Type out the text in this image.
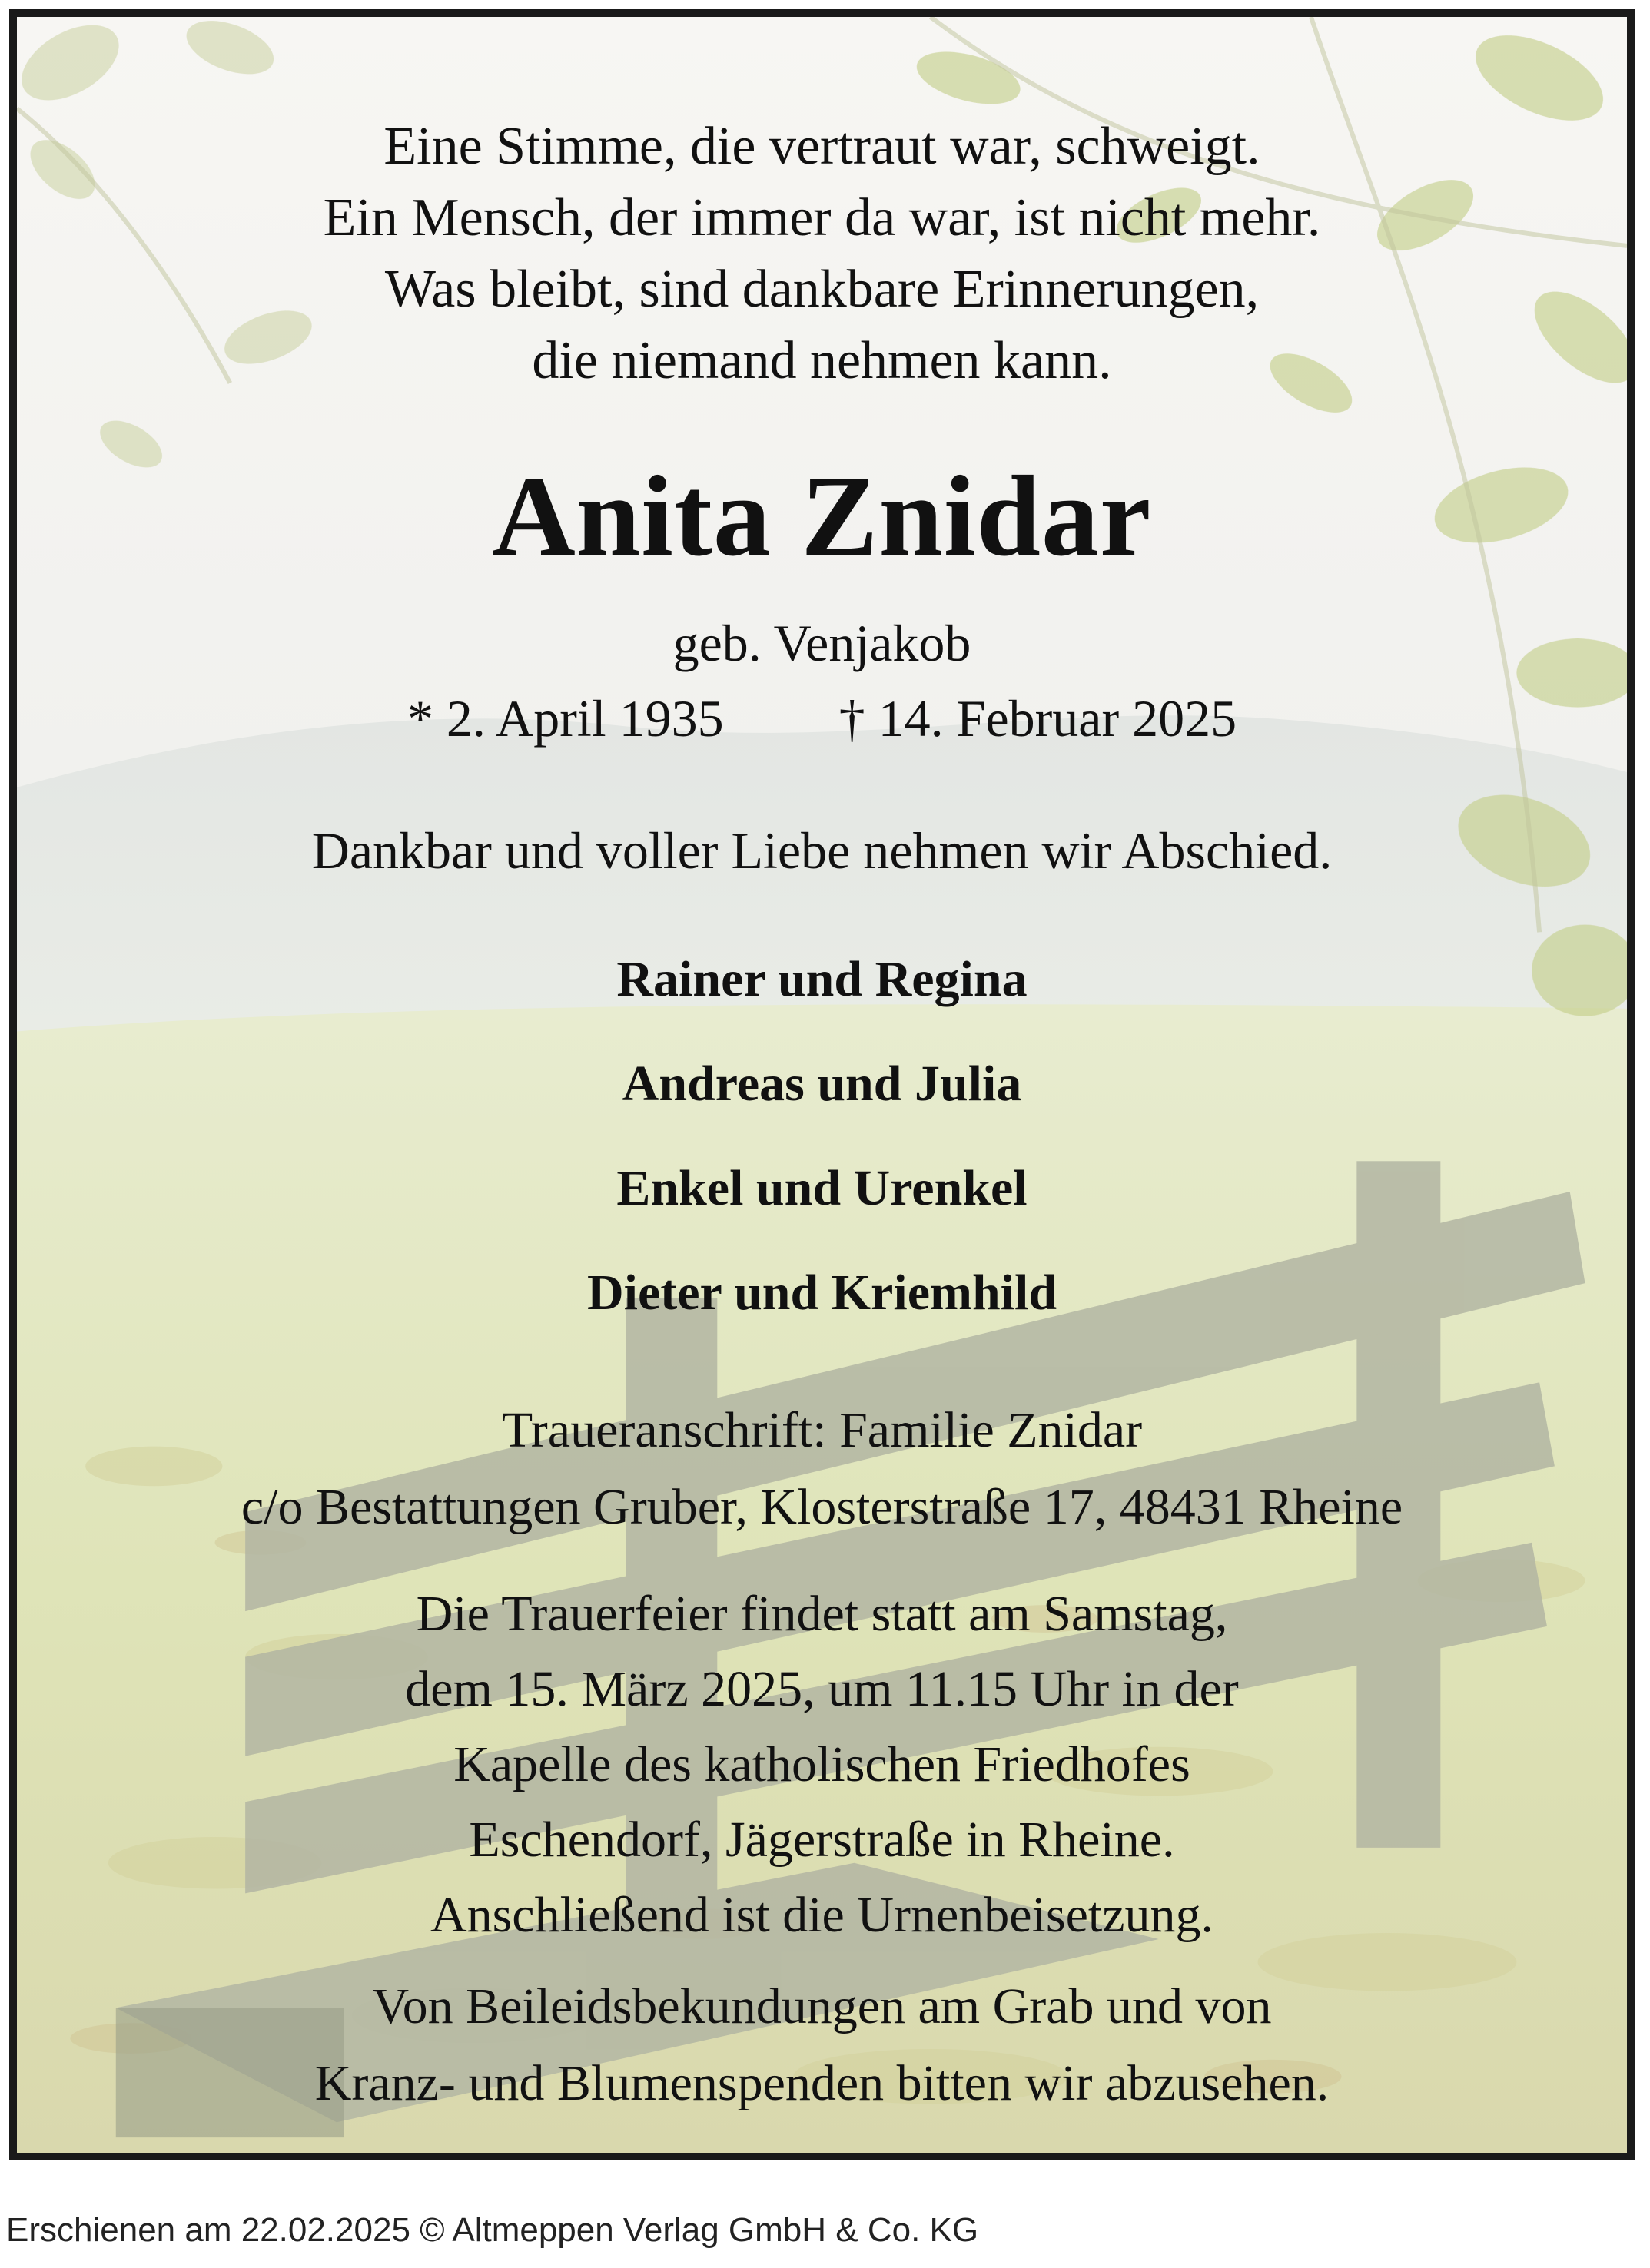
Eine Stimme, die vertraut war, schweigt.
Ein Mensch, der immer da war, ist nicht mehr.
Was bleibt, sind dankbare Erinnerungen,
die niemand nehmen kann.
Anita Znidar
geb. Venjakob
* 2. April 1935 † 14. Februar 2025
Dankbar und voller Liebe nehmen wir Abschied.
Rainer und Regina
Andreas und Julia
Enkel und Urenkel
Dieter und Kriemhild
Traueranschrift: Familie Znidar
c/o Bestattungen Gruber, Klosterstraße 17, 48431 Rheine
Die Trauerfeier findet statt am Samstag,
dem 15. März 2025, um 11.15 Uhr in der
Kapelle des katholischen Friedhofes
Eschendorf, Jägerstraße in Rheine.
Anschließend ist die Urnenbeisetzung.
Von Beileidsbekundungen am Grab und von
Kranz- und Blumenspenden bitten wir abzusehen.
Erschienen am 22.02.2025 © Altmeppen Verlag GmbH & Co. KG
